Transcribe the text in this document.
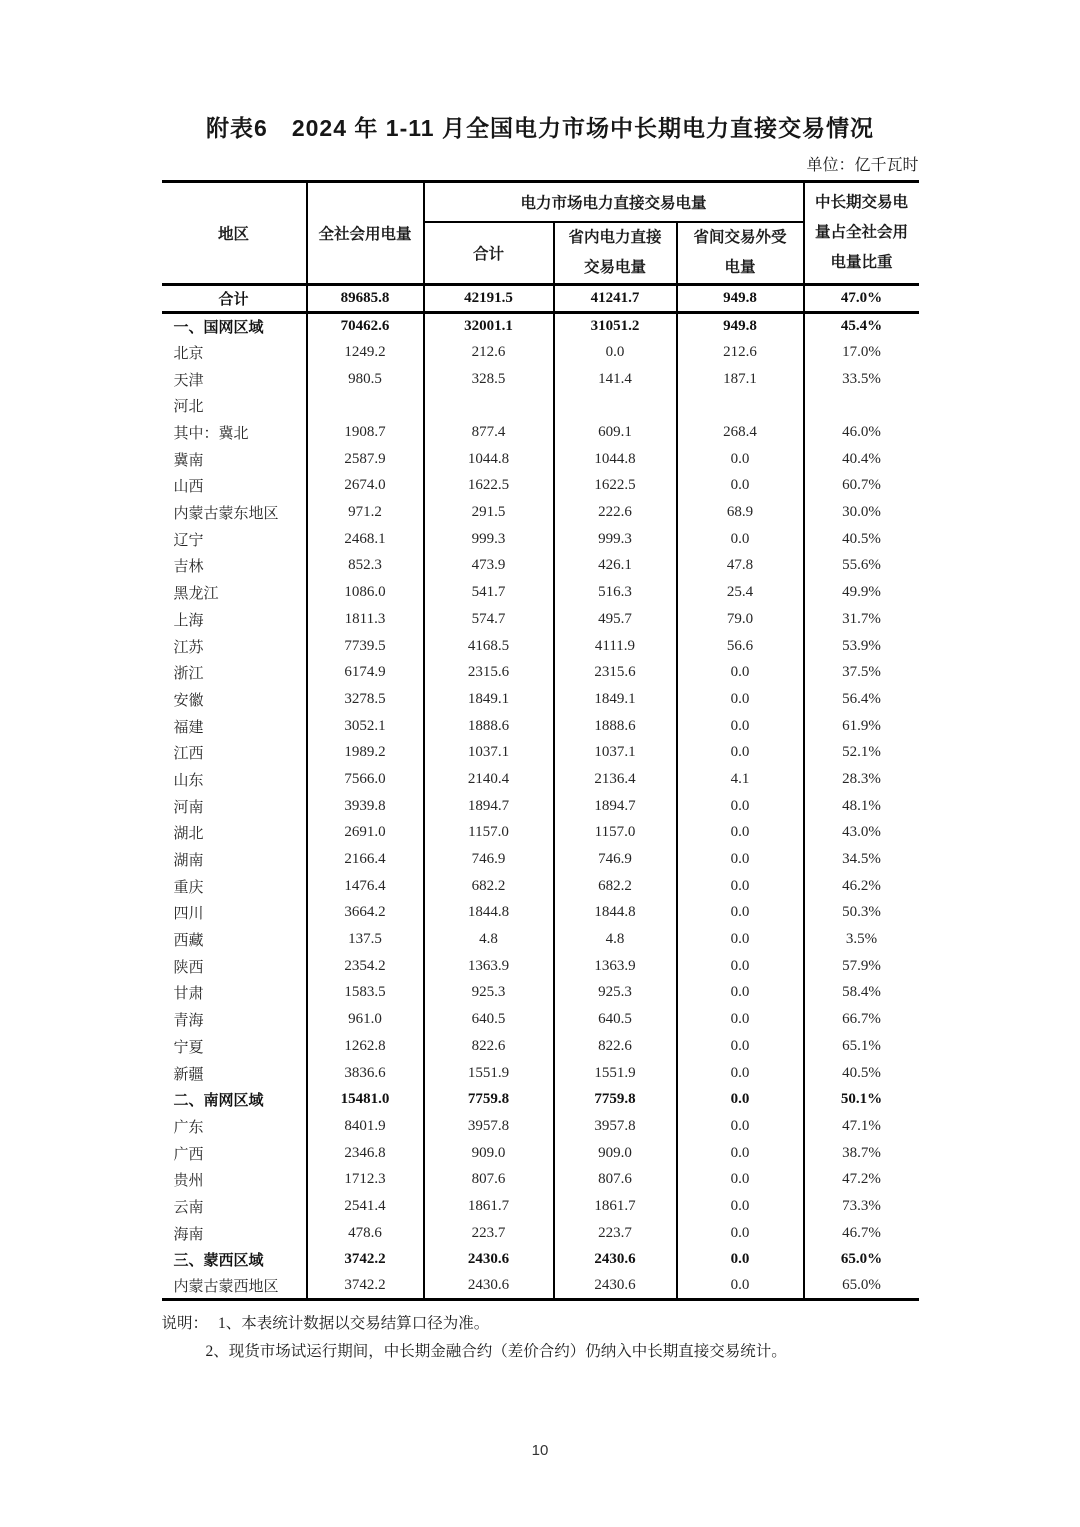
附表6　2024 年 1-11 月全国电力市场中长期电力直接交易情况
单位：亿千瓦时
地区	全社会用电量	电力市场电力直接交易电量			中长期交易电量占全社会用电量比重
		合计	省内电力直接交易电量	省间交易外受电量	
合计	89685.8	42191.5	41241.7	949.8	47.0%
一、国网区域	70462.6	32001.1	31051.2	949.8	45.4%
北京	1249.2	212.6	0.0	212.6	17.0%
天津	980.5	328.5	141.4	187.1	33.5%
河北					
其中：冀北	1908.7	877.4	609.1	268.4	46.0%
冀南	2587.9	1044.8	1044.8	0.0	40.4%
山西	2674.0	1622.5	1622.5	0.0	60.7%
内蒙古蒙东地区	971.2	291.5	222.6	68.9	30.0%
辽宁	2468.1	999.3	999.3	0.0	40.5%
吉林	852.3	473.9	426.1	47.8	55.6%
黑龙江	1086.0	541.7	516.3	25.4	49.9%
上海	1811.3	574.7	495.7	79.0	31.7%
江苏	7739.5	4168.5	4111.9	56.6	53.9%
浙江	6174.9	2315.6	2315.6	0.0	37.5%
安徽	3278.5	1849.1	1849.1	0.0	56.4%
福建	3052.1	1888.6	1888.6	0.0	61.9%
江西	1989.2	1037.1	1037.1	0.0	52.1%
山东	7566.0	2140.4	2136.4	4.1	28.3%
河南	3939.8	1894.7	1894.7	0.0	48.1%
湖北	2691.0	1157.0	1157.0	0.0	43.0%
湖南	2166.4	746.9	746.9	0.0	34.5%
重庆	1476.4	682.2	682.2	0.0	46.2%
四川	3664.2	1844.8	1844.8	0.0	50.3%
西藏	137.5	4.8	4.8	0.0	3.5%
陕西	2354.2	1363.9	1363.9	0.0	57.9%
甘肃	1583.5	925.3	925.3	0.0	58.4%
青海	961.0	640.5	640.5	0.0	66.7%
宁夏	1262.8	822.6	822.6	0.0	65.1%
新疆	3836.6	1551.9	1551.9	0.0	40.5%
二、南网区域	15481.0	7759.8	7759.8	0.0	50.1%
广东	8401.9	3957.8	3957.8	0.0	47.1%
广西	2346.8	909.0	909.0	0.0	38.7%
贵州	1712.3	807.6	807.6	0.0	47.2%
云南	2541.4	1861.7	1861.7	0.0	73.3%
海南	478.6	223.7	223.7	0.0	46.7%
三、蒙西区域	3742.2	2430.6	2430.6	0.0	65.0%
内蒙古蒙西地区	3742.2	2430.6	2430.6	0.0	65.0%
说明： 1、本表统计数据以交易结算口径为准。
2、现货市场试运行期间，中长期金融合约（差价合约）仍纳入中长期直接交易统计。
10
